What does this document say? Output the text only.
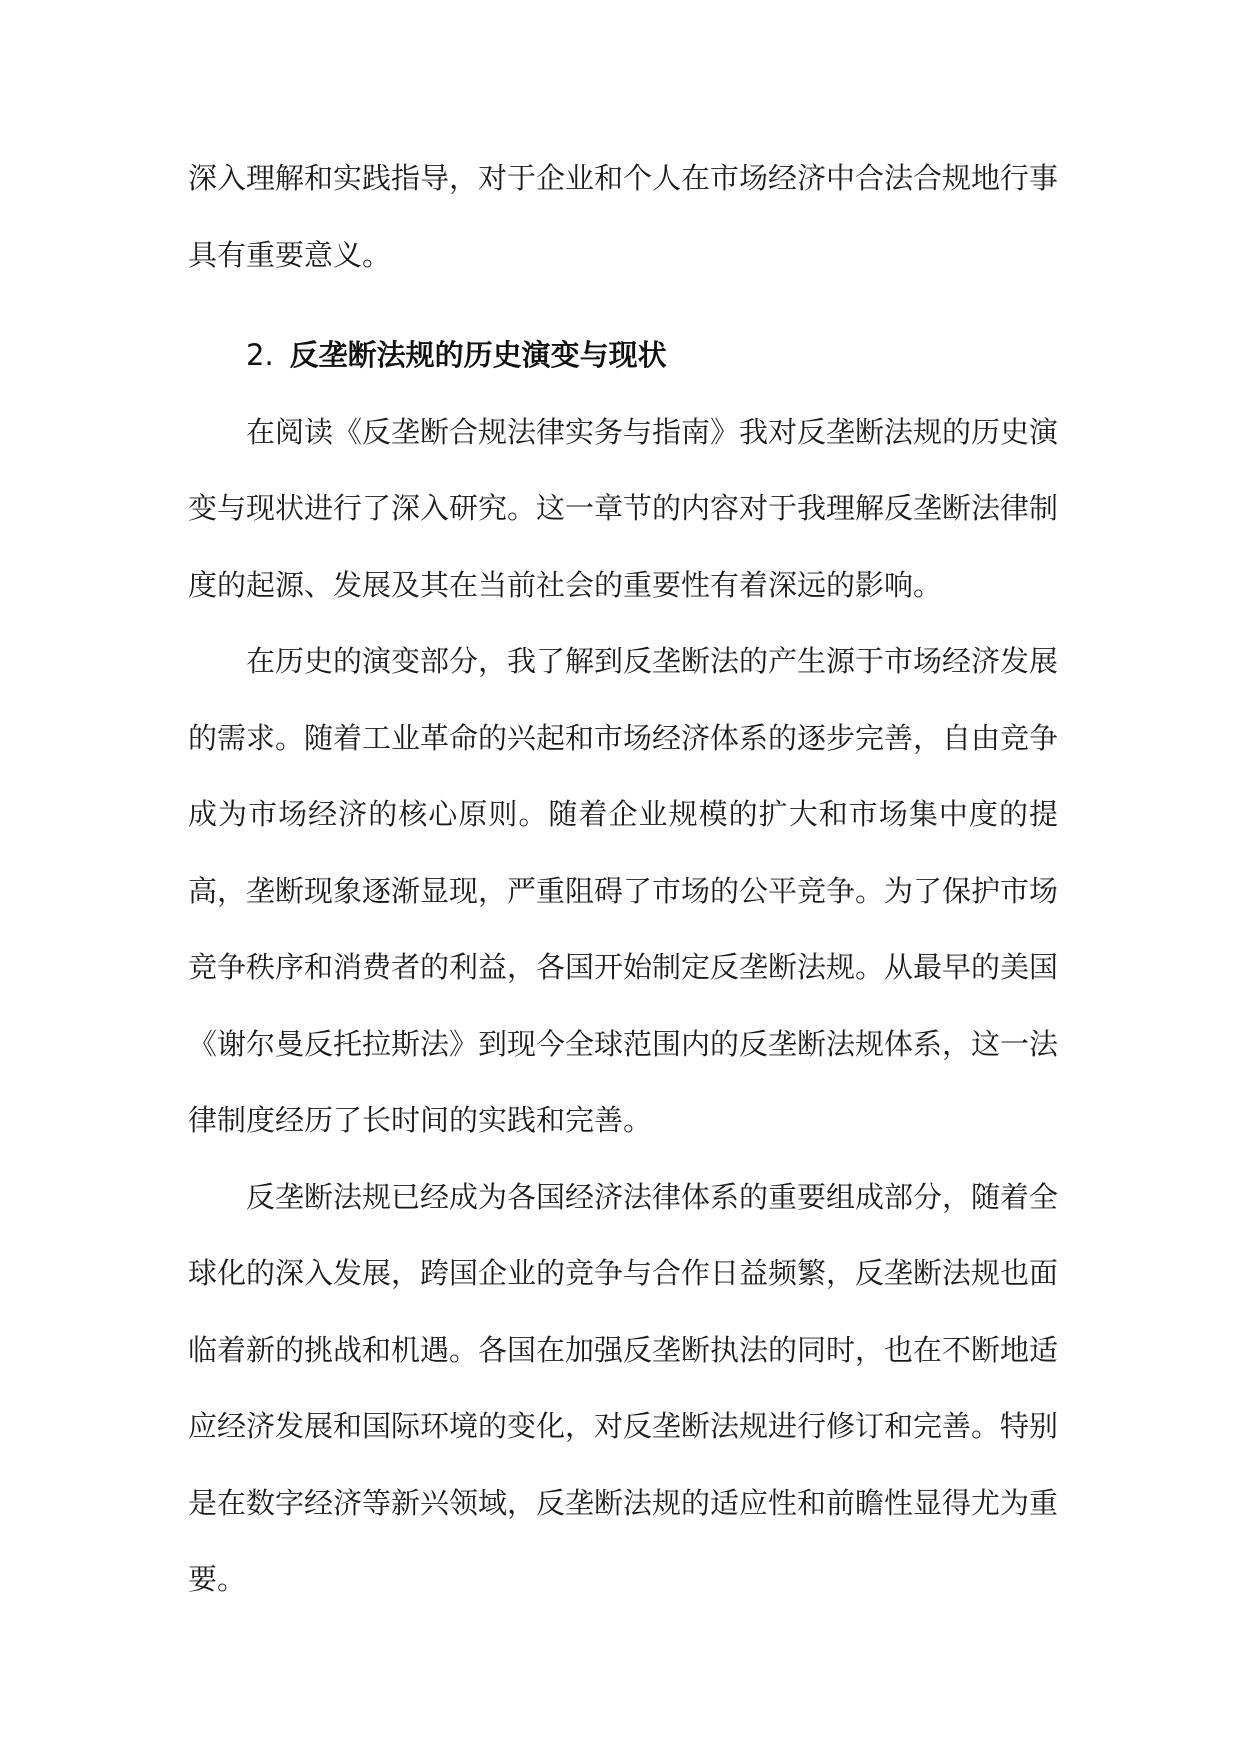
深入理解和实践指导，对于企业和个人在市场经济中合法合规地行事具有重要意义。

2. 反垄断法规的历史演变与现状

在阅读《反垄断合规法律实务与指南》我对反垄断法规的历史演变与现状进行了深入研究。这一章节的内容对于我理解反垄断法律制度的起源、发展及其在当前社会的重要性有着深远的影响。

在历史的演变部分，我了解到反垄断法的产生源于市场经济发展的需求。随着工业革命的兴起和市场经济体系的逐步完善，自由竞争成为市场经济的核心原则。随着企业规模的扩大和市场集中度的提高，垄断现象逐渐显现，严重阻碍了市场的公平竞争。为了保护市场竞争秩序和消费者的利益，各国开始制定反垄断法规。从最早的美国《谢尔曼反托拉斯法》到现今全球范围内的反垄断法规体系，这一法律制度经历了长时间的实践和完善。

反垄断法规已经成为各国经济法律体系的重要组成部分，随着全球化的深入发展，跨国企业的竞争与合作日益频繁，反垄断法规也面临着新的挑战和机遇。各国在加强反垄断执法的同时，也在不断地适应经济发展和国际环境的变化，对反垄断法规进行修订和完善。特别是在数字经济等新兴领域，反垄断法规的适应性和前瞻性显得尤为重要。
